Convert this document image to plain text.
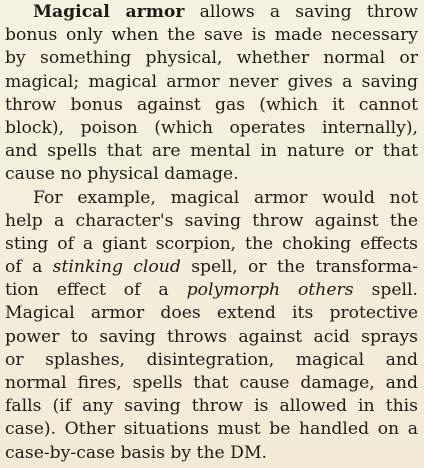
Magical armor allows a saving throw
bonus only when the save is made necessary
by something physical, whether normal or
magical; magical armor never gives a saving
throw bonus against gas (which it cannot
block), poison (which operates internally),
and spells that are mental in nature or that
cause no physical damage.
For example, magical armor would not
help a character's saving throw against the
sting of a giant scorpion, the choking effects
of a stinking cloud spell, or the transforma-
tion effect of a polymorph others spell.
Magical armor does extend its protective
power to saving throws against acid sprays
or splashes, disintegration, magical and
normal fires, spells that cause damage, and
falls (if any saving throw is allowed in this
case). Other situations must be handled on a
case-by-case basis by the DM.
